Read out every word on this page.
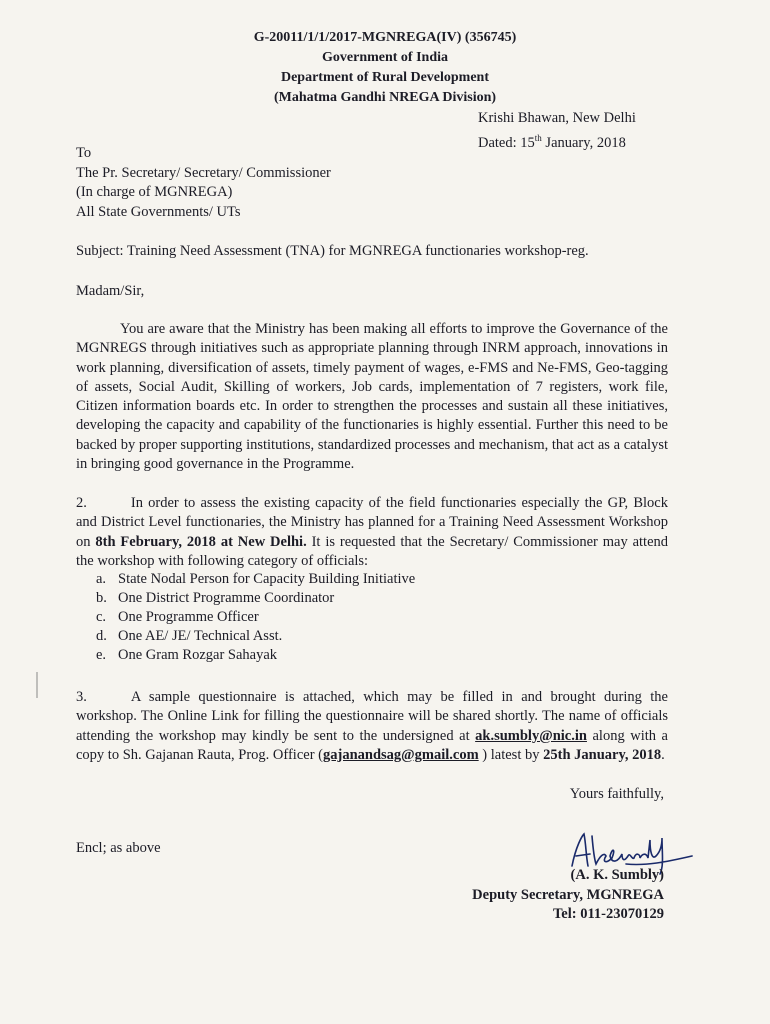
G-20011/1/1/2017-MGNREGA(IV) (356745)
Government of India
Department of Rural Development
(Mahatma Gandhi NREGA Division)
Krishi Bhawan, New Delhi
Dated: 15th January, 2018
To
The Pr. Secretary/ Secretary/ Commissioner
(In charge of MGNREGA)
All State Governments/ UTs
Subject: Training Need Assessment (TNA) for MGNREGA functionaries workshop-reg.
Madam/Sir,
You are aware that the Ministry has been making all efforts to improve the Governance of the MGNREGS through initiatives such as appropriate planning through INRM approach, innovations in work planning, diversification of assets, timely payment of wages, e-FMS and Ne-FMS, Geo-tagging of assets, Social Audit, Skilling of workers, Job cards, implementation of 7 registers, work file, Citizen information boards etc. In order to strengthen the processes and sustain all these initiatives, developing the capacity and capability of the functionaries is highly essential. Further this need to be backed by proper supporting institutions, standardized processes and mechanism, that act as a catalyst in bringing good governance in the Programme.
2.	In order to assess the existing capacity of the field functionaries especially the GP, Block and District Level functionaries, the Ministry has planned for a Training Need Assessment Workshop on 8th February, 2018 at New Delhi. It is requested that the Secretary/ Commissioner may attend the workshop with following category of officials:
a. State Nodal Person for Capacity Building Initiative
b. One District Programme Coordinator
c. One Programme Officer
d. One AE/ JE/ Technical Asst.
e. One Gram Rozgar Sahayak
3.	A sample questionnaire is attached, which may be filled in and brought during the workshop. The Online Link for filling the questionnaire will be shared shortly. The name of officials attending the workshop may kindly be sent to the undersigned at ak.sumbly@nic.in along with a copy to Sh. Gajanan Rauta, Prog. Officer (gajanandsag@gmail.com ) latest by 25th January, 2018.
Yours faithfully,
Encl; as above
(A. K. Sumbly)
Deputy Secretary, MGNREGA
Tel: 011-23070129
